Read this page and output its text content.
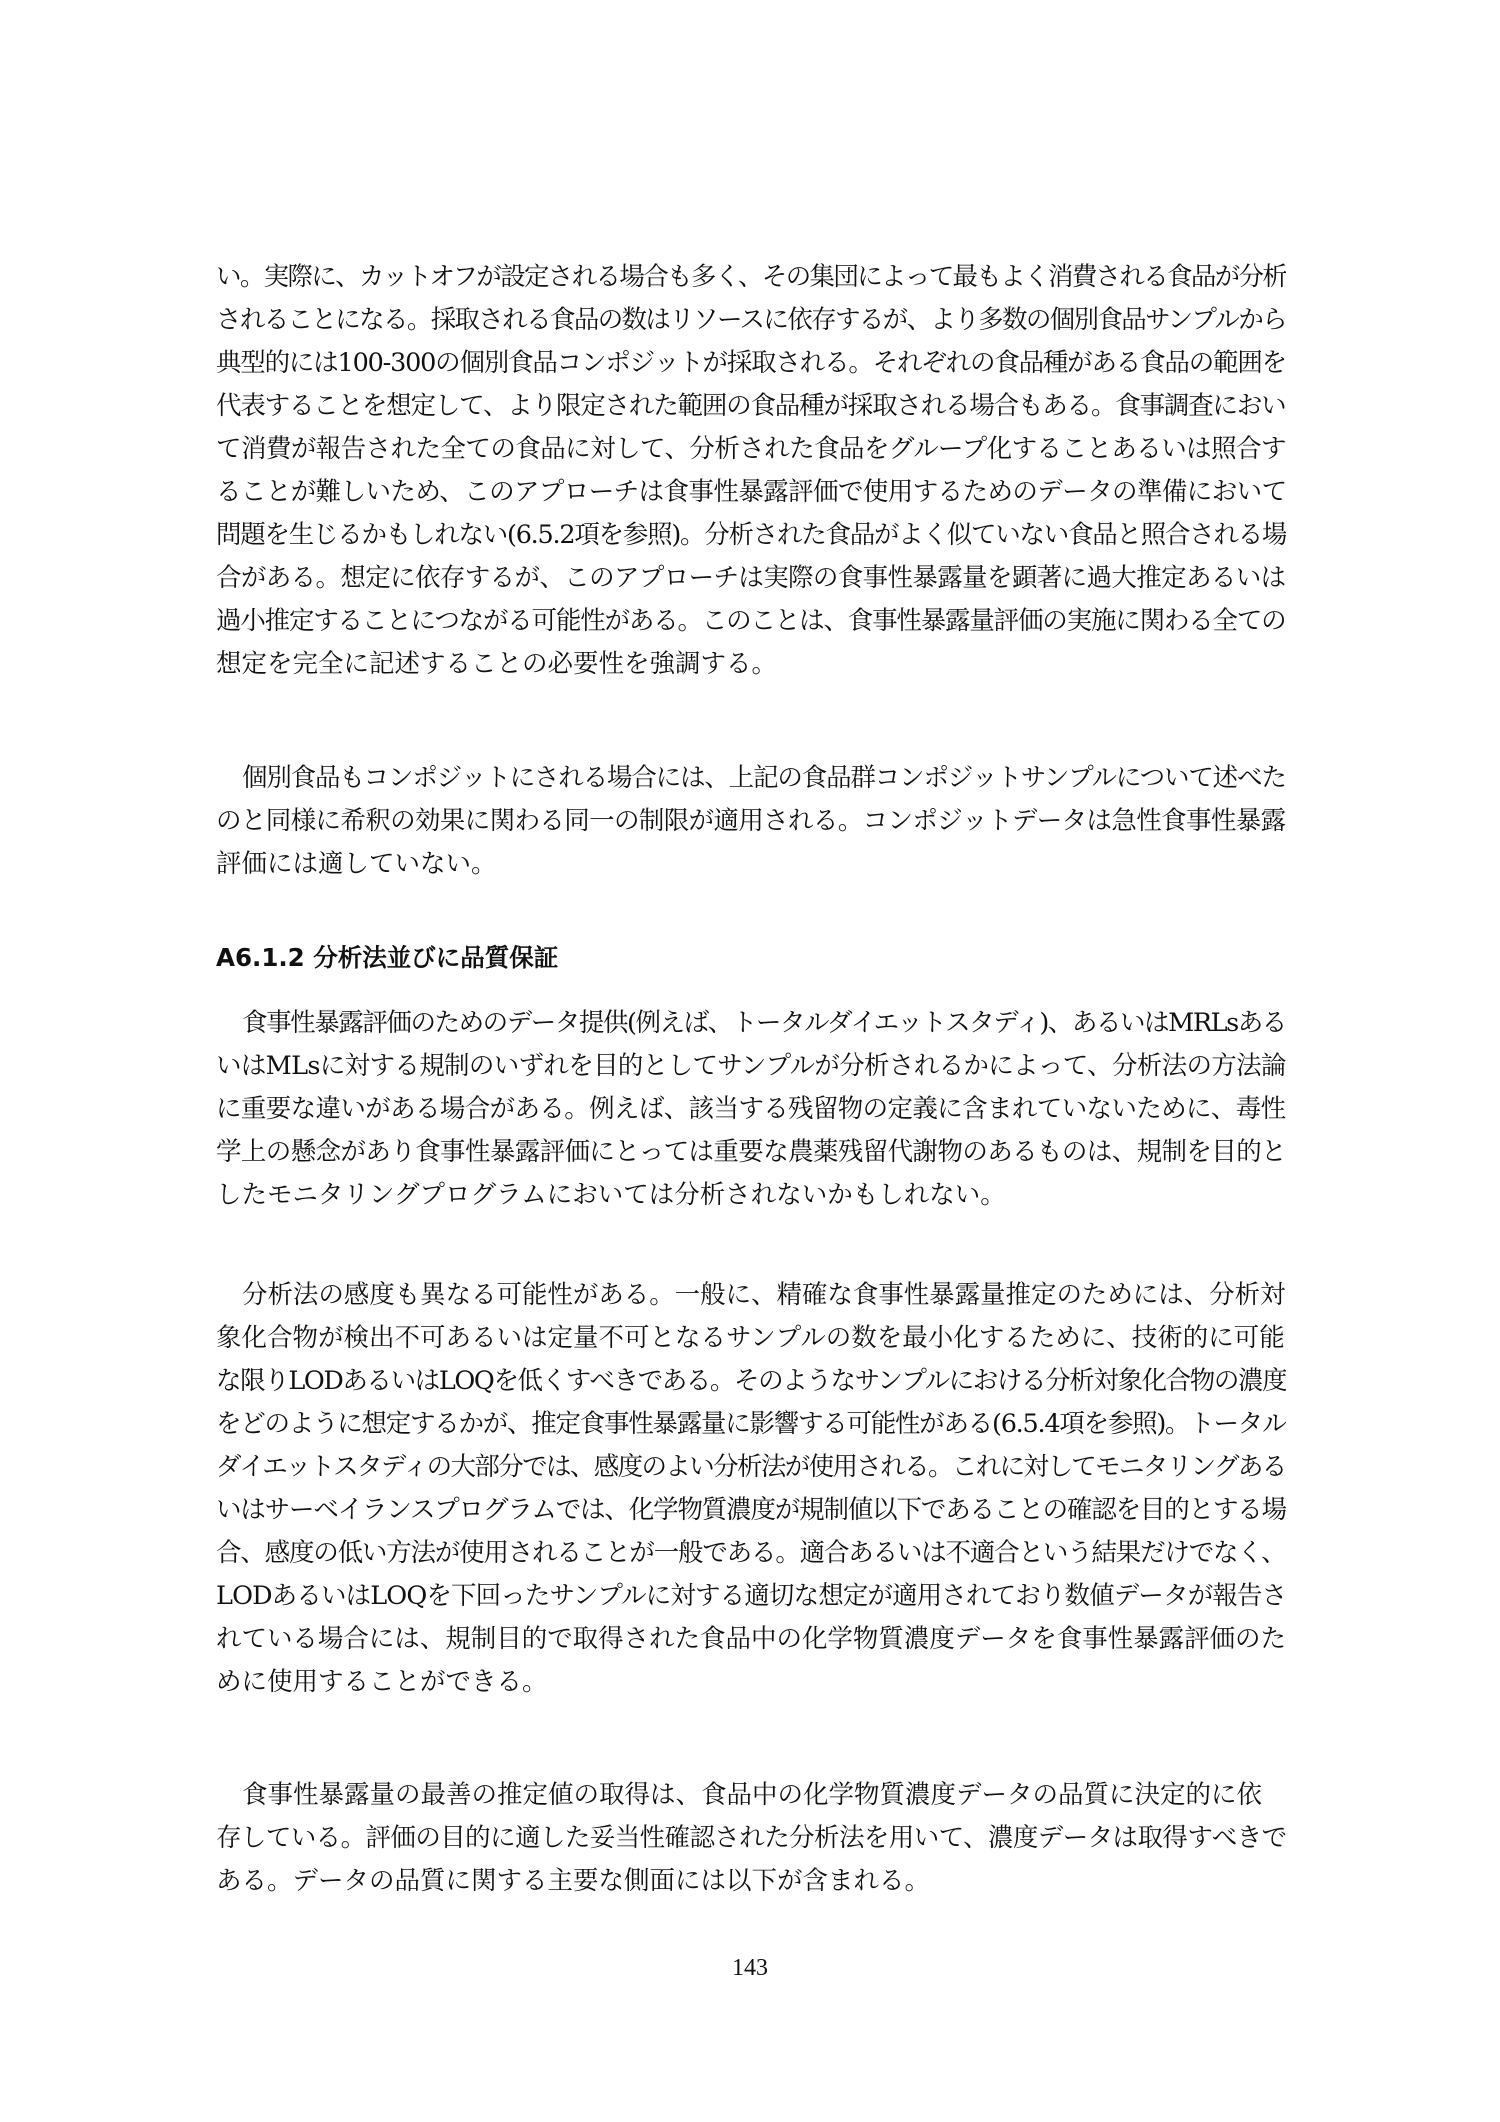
い。実際に、カットオフが設定される場合も多く、その集団によって最もよく消費される食品が分析
されることになる。採取される食品の数はリソースに依存するが、より多数の個別食品サンプルから
典型的には100-300の個別食品コンポジットが採取される。それぞれの食品種がある食品の範囲を
代表することを想定して、より限定された範囲の食品種が採取される場合もある。食事調査におい
て消費が報告された全ての食品に対して、分析された食品をグループ化することあるいは照合す
ることが難しいため、このアプローチは食事性暴露評価で使用するためのデータの準備において
問題を生じるかもしれない(6.5.2項を参照)。分析された食品がよく似ていない食品と照合される場
合がある。想定に依存するが、このアプローチは実際の食事性暴露量を顕著に過大推定あるいは
過小推定することにつながる可能性がある。このことは、食事性暴露量評価の実施に関わる全ての
想定を完全に記述することの必要性を強調する。
個別食品もコンポジットにされる場合には、上記の食品群コンポジットサンプルについて述べた
のと同様に希釈の効果に関わる同一の制限が適用される。コンポジットデータは急性食事性暴露
評価には適していない。
A6.1.2 分析法並びに品質保証
食事性暴露評価のためのデータ提供(例えば、トータルダイエットスタディ)、あるいはMRLsある
いはMLsに対する規制のいずれを目的としてサンプルが分析されるかによって、分析法の方法論
に重要な違いがある場合がある。例えば、該当する残留物の定義に含まれていないために、毒性
学上の懸念があり食事性暴露評価にとっては重要な農薬残留代謝物のあるものは、規制を目的と
したモニタリングプログラムにおいては分析されないかもしれない。
分析法の感度も異なる可能性がある。一般に、精確な食事性暴露量推定のためには、分析対
象化合物が検出不可あるいは定量不可となるサンプルの数を最小化するために、技術的に可能
な限りLODあるいはLOQを低くすべきである。そのようなサンプルにおける分析対象化合物の濃度
をどのように想定するかが、推定食事性暴露量に影響する可能性がある(6.5.4項を参照)。トータル
ダイエットスタディの大部分では、感度のよい分析法が使用される。これに対してモニタリングある
いはサーベイランスプログラムでは、化学物質濃度が規制値以下であることの確認を目的とする場
合、感度の低い方法が使用されることが一般である。適合あるいは不適合という結果だけでなく、
LODあるいはLOQを下回ったサンプルに対する適切な想定が適用されており数値データが報告さ
れている場合には、規制目的で取得された食品中の化学物質濃度データを食事性暴露評価のた
めに使用することができる。
食事性暴露量の最善の推定値の取得は、食品中の化学物質濃度データの品質に決定的に依
存している。評価の目的に適した妥当性確認された分析法を用いて、濃度データは取得すべきで
ある。データの品質に関する主要な側面には以下が含まれる。
143
